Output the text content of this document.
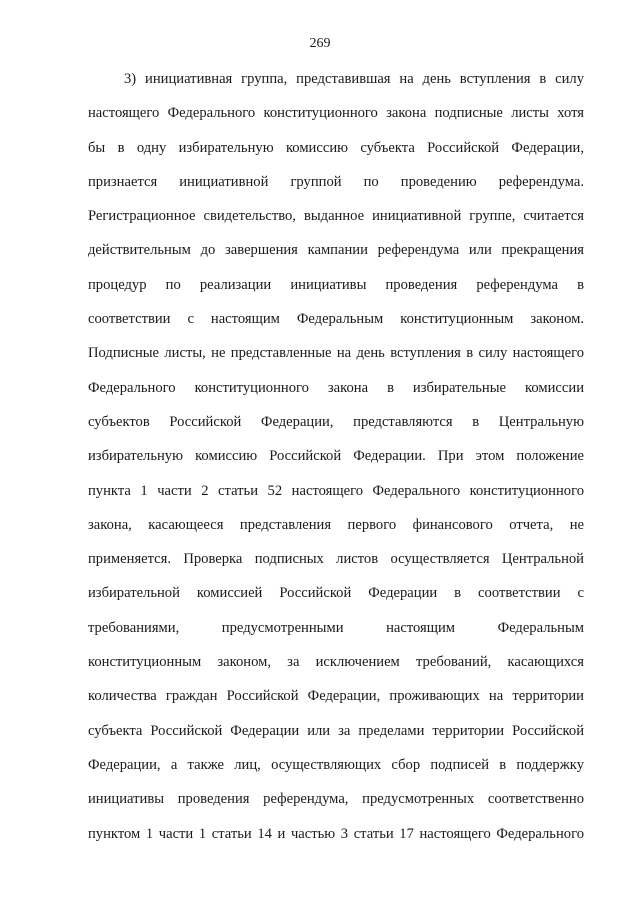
269
3) инициативная группа, представившая на день вступления в силу
настоящего Федерального конституционного закона подписные листы хотя
бы в одну избирательную комиссию субъекта Российской Федерации,
признается инициативной группой по проведению референдума.
Регистрационное свидетельство, выданное инициативной группе, считается
действительным до завершения кампании референдума или прекращения
процедур по реализации инициативы проведения референдума в
соответствии с настоящим Федеральным конституционным законом.
Подписные листы, не представленные на день вступления в силу настоящего
Федерального конституционного закона в избирательные комиссии
субъектов Российской Федерации, представляются в Центральную
избирательную комиссию Российской Федерации. При этом положение
пункта 1 части 2 статьи 52 настоящего Федерального конституционного
закона, касающееся представления первого финансового отчета, не
применяется. Проверка подписных листов осуществляется Центральной
избирательной комиссией Российской Федерации в соответствии с
требованиями, предусмотренными настоящим Федеральным
конституционным законом, за исключением требований, касающихся
количества граждан Российской Федерации, проживающих на территории
субъекта Российской Федерации или за пределами территории Российской
Федерации, а также лиц, осуществляющих сбор подписей в поддержку
инициативы проведения референдума, предусмотренных соответственно
пунктом 1 части 1 статьи 14 и частью 3 статьи 17 настоящего Федерального
